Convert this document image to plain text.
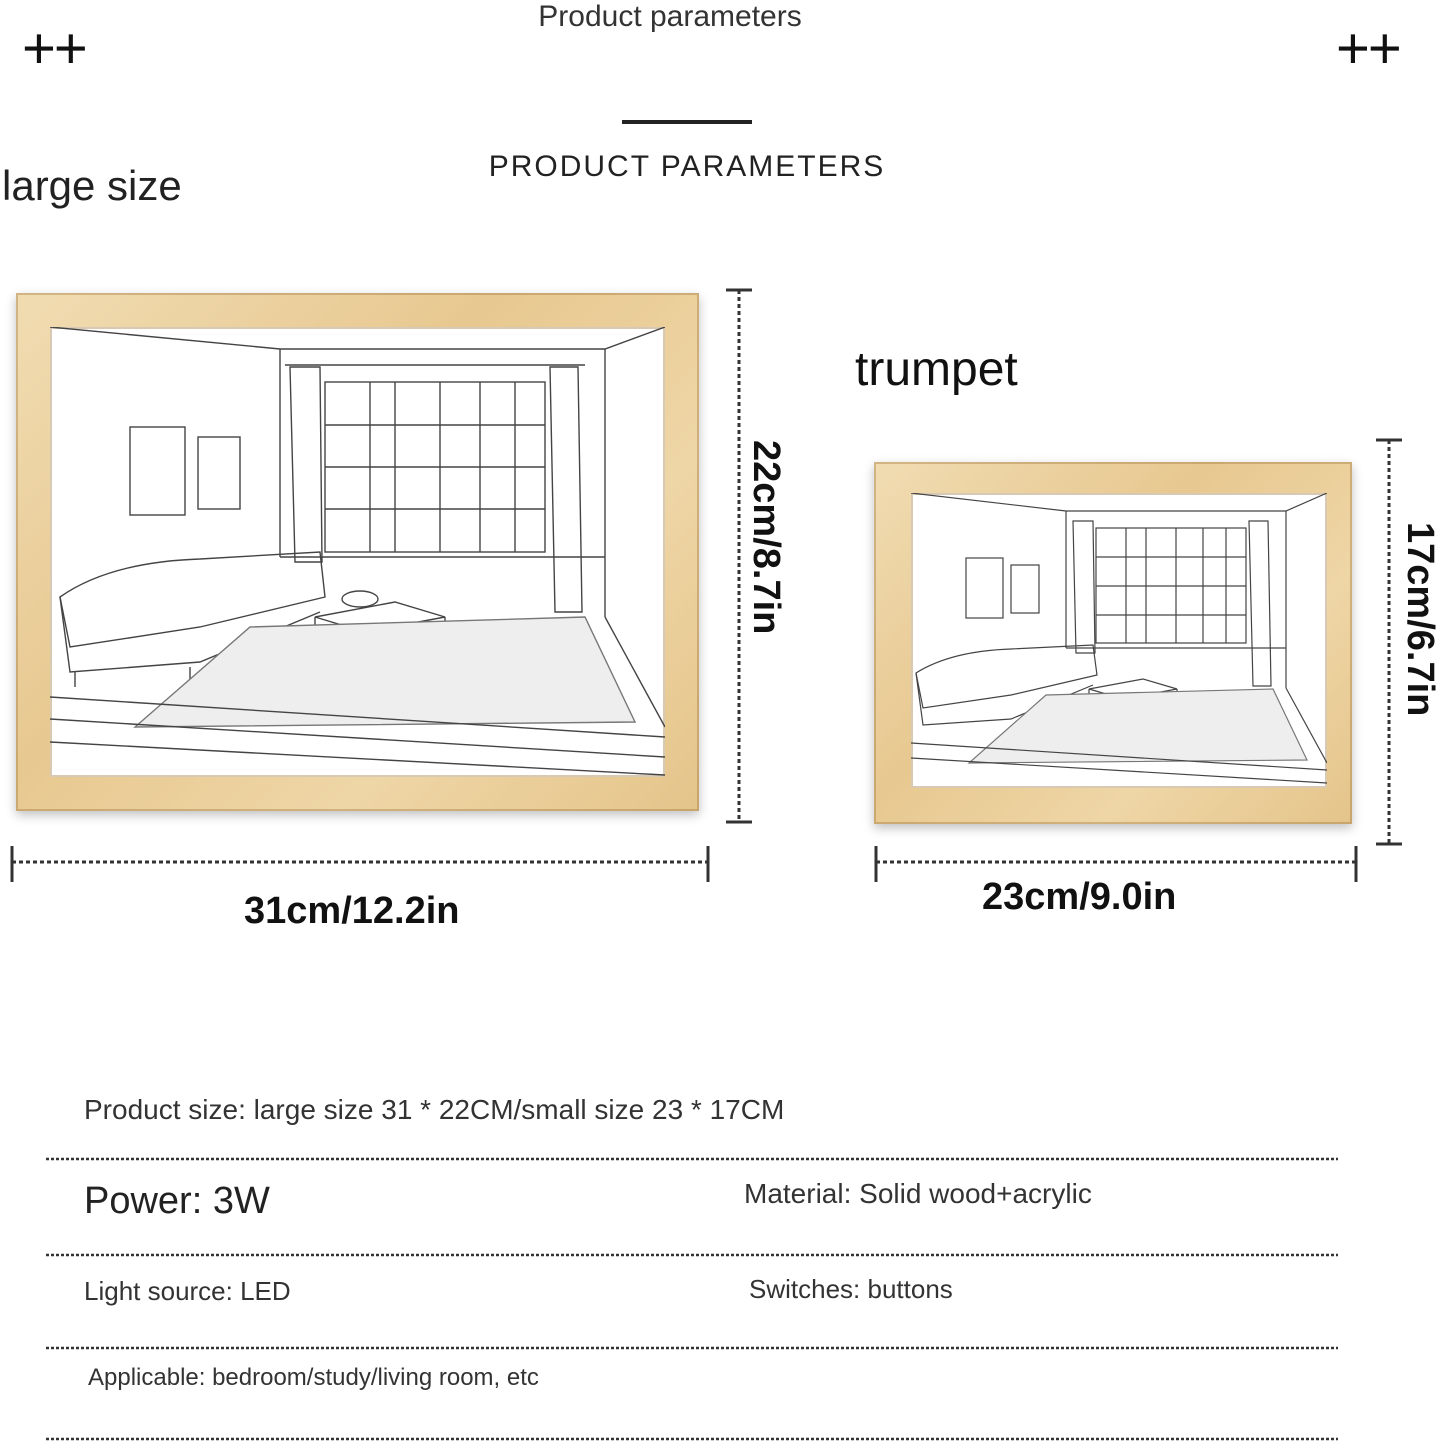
++	++
Product parameters
PRODUCT PARAMETERS
large size
trumpet
22cm/8.7in
31cm/12.2in
17cm/6.7in
23cm/9.0in
Product size: large size 31 * 22CM/small size 23 * 17CM
Power: 3W	Material: Solid wood+acrylic
Light source: LED	Switches: buttons
Applicable: bedroom/study/living room, etc
